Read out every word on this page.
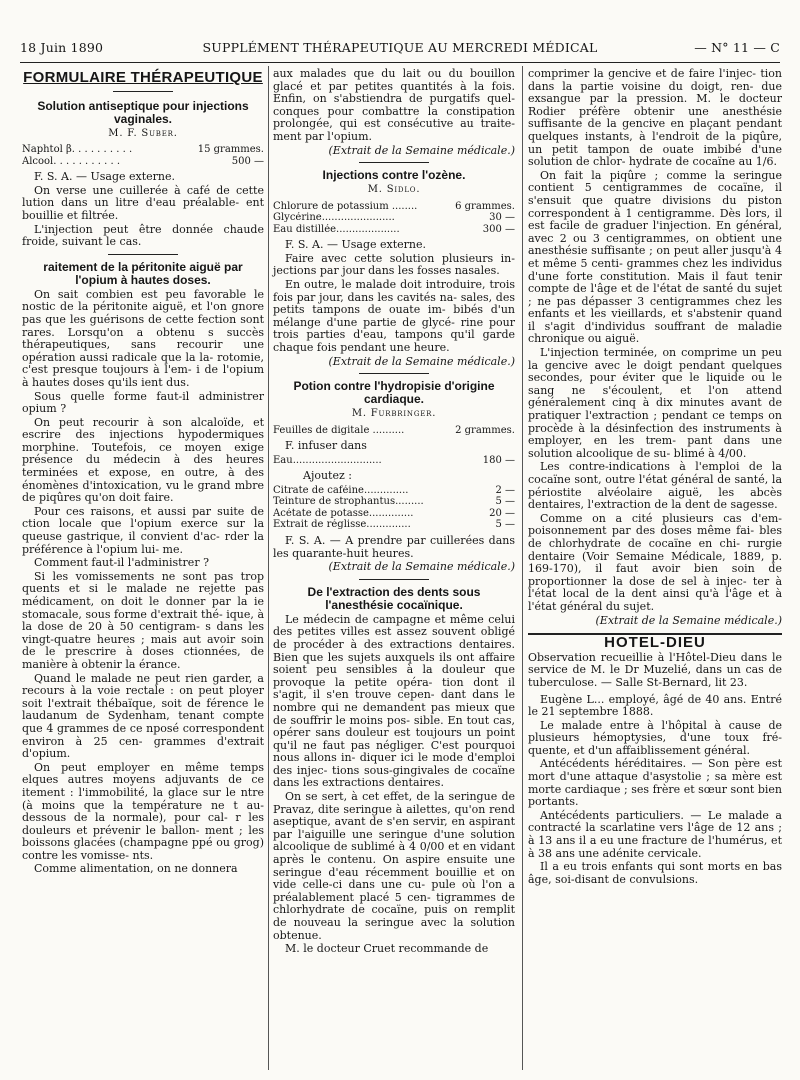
18 Juin 1890	SUPPLÉMENT THÉRAPEUTIQUE AU MERCREDI MÉDICAL	— N° 11 — C
FORMULAIRE THÉRAPEUTIQUE
Solution antiseptique pour injections vaginales.
M. F. Suber.
Naphtol β. . . . . . . . . .	15 grammes.
Alcool. . . . . . . . . . .	500 —

F. S. A. — Usage externe.

On verse une cuillerée à café de cette lution dans un litre d'eau préalable- ent bouillie et filtrée.

L'injection peut être donnée chaude froide, suivant le cas.

raitement de la péritonite aiguë par l'opium à hautes doses.

On sait combien est peu favorable le nostic de la péritonite aiguë, et l'on gnore pas que les guérisons de cette fection sont rares. Lorsqu'on a obtenu s succès thérapeutiques, sans recourir une opération aussi radicale que la la- rotomie, c'est presque toujours à l'em- i de l'opium à hautes doses qu'ils ient dus.

Sous quelle forme faut-il administrer opium ?

On peut recourir à son alcaloïde, et escrire des injections hypodermiques morphine. Toutefois, ce moyen exige présence du médecin à des heures terminées et expose, en outre, à des énomènes d'intoxication, vu le grand mbre de piqûres qu'on doit faire.

Pour ces raisons, et aussi par suite de ction locale que l'opium exerce sur la queuse gastrique, il convient d'ac- rder la préférence à l'opium lui- me.

Comment faut-il l'administrer ?

Si les vomissements ne sont pas trop quents et si le malade ne rejette pas médicament, on doit le donner par la ie stomacale, sous forme d'extrait thé- ique, à la dose de 20 à 50 centigram- s dans les vingt-quatre heures ; mais aut avoir soin de le prescrire à doses ctionnées, de manière à obtenir la érance.

Quand le malade ne peut rien garder, a recours à la voie rectale : on peut ployer soit l'extrait thébaïque, soit de férence le laudanum de Sydenham, tenant compte que 4 grammes de ce nposé correspondent environ à 25 cen- grammes d'extrait d'opium.

On peut employer en même temps elques autres moyens adjuvants de ce itement : l'immobilité, la glace sur le ntre (à moins que la température ne t au-dessous de la normale), pour cal- r les douleurs et prévenir le ballon- ment ; les boissons glacées (champagne ppé ou grog) contre les vomisse- nts.

Comme alimentation, on ne donnera

aux malades que du lait ou du bouillon glacé et par petites quantités à la fois. Enfin, on s'abstiendra de purgatifs quel- conques pour combattre la constipation prolongée, qui est consécutive au traite- ment par l'opium.

(Extrait de la Semaine médicale.)
Injections contre l'ozène.
M. Sidlo.
Chlorure de potassium ........	6 grammes.
Glycérine.......................	30 —
Eau distillée....................	300 —

F. S. A. — Usage externe.

Faire avec cette solution plusieurs in- jections par jour dans les fosses nasales.

En outre, le malade doit introduire, trois fois par jour, dans les cavités na- sales, des petits tampons de ouate im- bibés d'un mélange d'une partie de glycé- rine pour trois parties d'eau, tampons qu'il garde chaque fois pendant une heure.

(Extrait de la Semaine médicale.)
Potion contre l'hydropisie d'origine cardiaque.
M. Furbringer.
Feuilles de digitale ..........	2 grammes.

F. infuser dans

Eau............................	180 —

Ajoutez :

Citrate de caféine..............	2 —
Teinture de strophantus.........	5 —
Acétate de potasse..............	20 —
Extrait de réglisse..............	5 —

F. S. A. — A prendre par cuillerées dans les quarante-huit heures.

(Extrait de la Semaine médicale.)
De l'extraction des dents sous l'anesthésie cocaïnique.

Le médecin de campagne et même celui des petites villes est assez souvent obligé de procéder à des extractions dentaires. Bien que les sujets auxquels ils ont affaire soient peu sensibles à la douleur que provoque la petite opéra- tion dont il s'agit, il s'en trouve cepen- dant dans le nombre qui ne demandent pas mieux que de souffrir le moins pos- sible. En tout cas, opérer sans douleur est toujours un point qu'il ne faut pas négliger. C'est pourquoi nous allons in- diquer ici le mode d'emploi des injec- tions sous-gingivales de cocaïne dans les extractions dentaires.

On se sert, à cet effet, de la seringue de Pravaz, dite seringue à ailettes, qu'on rend aseptique, avant de s'en servir, en aspirant par l'aiguille une seringue d'une solution alcoolique de sublimé à 4 0/00 et en vidant après le contenu. On aspire ensuite une seringue d'eau récemment bouillie et on vide celle-ci dans une cu- pule où l'on a préalablement placé 5 cen- tigrammes de chlorhydrate de cocaïne, puis on remplit de nouveau la seringue avec la solution obtenue.

M. le docteur Cruet recommande de

comprimer la gencive et de faire l'injec- tion dans la partie voisine du doigt, ren- due exsangue par la pression. M. le docteur Rodier préfère obtenir une anesthésie suffisante de la gencive en plaçant pendant quelques instants, à l'endroit de la piqûre, un petit tampon de ouate imbibé d'une solution de chlor- hydrate de cocaïne au 1/6.

On fait la piqûre ; comme la seringue contient 5 centigrammes de cocaïne, il s'ensuit que quatre divisions du piston correspondent à 1 centigramme. Dès lors, il est facile de graduer l'injection. En général, avec 2 ou 3 centigrammes, on obtient une anesthésie suffisante ; on peut aller jusqu'à 4 et même 5 centi- grammes chez les individus d'une forte constitution. Mais il faut tenir compte de l'âge et de l'état de santé du sujet ; ne pas dépasser 3 centigrammes chez les enfants et les vieillards, et s'abstenir quand il s'agit d'individus souffrant de maladie chronique ou aiguë.

L'injection terminée, on comprime un peu la gencive avec le doigt pendant quelques secondes, pour éviter que le liquide ou le sang ne s'écoulent, et l'on attend généralement cinq à dix minutes avant de pratiquer l'extraction ; pendant ce temps on procède à la désinfection des instruments à employer, en les trem- pant dans une solution alcoolique de su- blimé à 4/00.

Les contre-indications à l'emploi de la cocaïne sont, outre l'état général de santé, la périostite alvéolaire aiguë, les abcès dentaires, l'extraction de la dent de sagesse.

Comme on a cité plusieurs cas d'em- poisonnement par des doses même fai- bles de chlorhydrate de cocaïne en chi- rurgie dentaire (Voir Semaine Médicale, 1889, p. 169-170), il faut avoir bien soin de proportionner la dose de sel à injec- ter à l'état local de la dent ainsi qu'à l'âge et à l'état général du sujet.

(Extrait de la Semaine médicale.)
HOTEL-DIEU

Observation recueillie à l'Hôtel-Dieu dans le service de M. le Dr Muzelié, dans un cas de tuberculose. — Salle St-Bernard, lit 23.

Eugène L... employé, âgé de 40 ans. Entré le 21 septembre 1888.

Le malade entre à l'hôpital à cause de plusieurs hémoptysies, d'une toux fré- quente, et d'un affaiblissement général.

Antécédents héréditaires. — Son père est mort d'une attaque d'asystolie ; sa mère est morte cardiaque ; ses frère et sœur sont bien portants.

Antécédents particuliers. — Le malade a contracté la scarlatine vers l'âge de 12 ans ; à 13 ans il a eu une fracture de l'humérus, et à 38 ans une adénite cervicale.

Il a eu trois enfants qui sont morts en bas âge, soi-disant de convulsions.
